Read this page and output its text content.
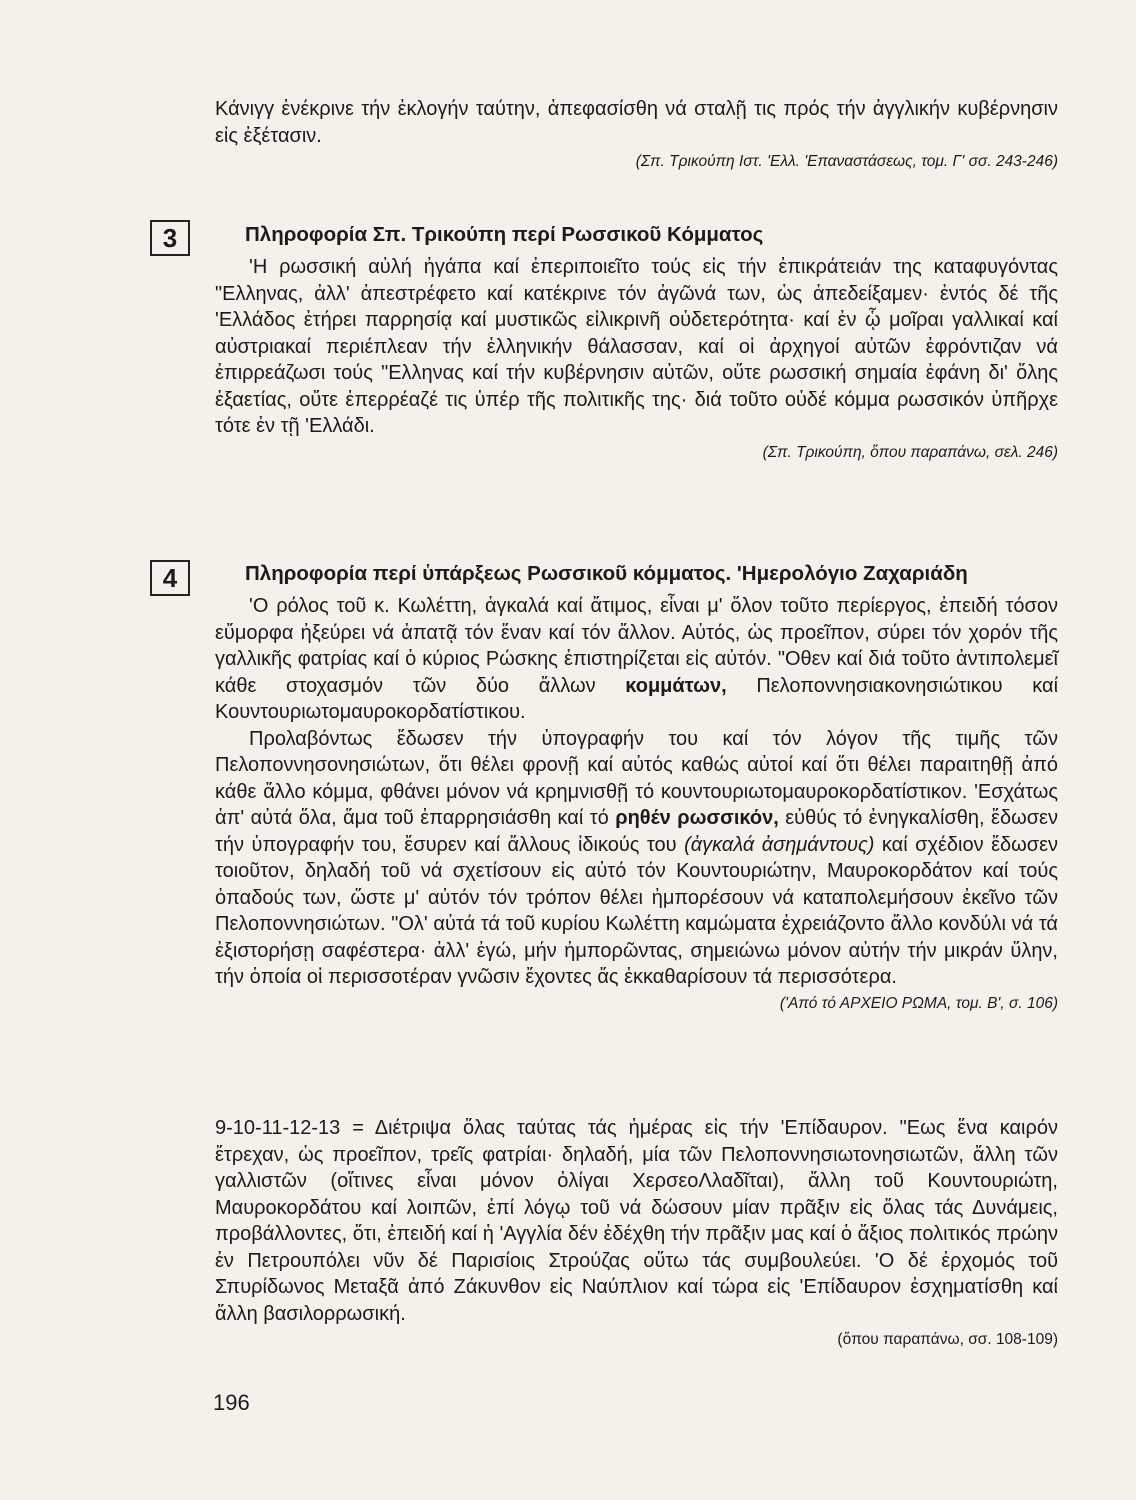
Κάνιγγ ἐνέκρινε τήν ἐκλογήν ταύτην, ἀπεφασίσθη νά σταλῇ τις πρός τήν ἀγγλικήν κυβέρνησιν εἰς ἐξέτασιν.

(Σπ. Τρικούπη Ιστ. 'Ελλ. 'Επαναστάσεως, τομ. Γ' σσ. 243-246)

3	Πληροφορία Σπ. Τρικούπη περί Ρωσσικοῦ Κόμματος

'Η ρωσσική αὐλή ἠγάπα καί ἐπεριποιεῖτο τούς εἰς τήν ἐπικράτειάν της καταφυγόντας "Ελληνας, ἀλλ' ἀπεστρέφετο καί κατέκρινε τόν ἀγῶνά των, ὡς ἀπεδείξαμεν· ἐντός δέ τῆς 'Ελλάδος ἐτήρει παρρησίᾳ καί μυστικῶς εἰλικρινῆ οὐδετερότητα· καί ἐν ᾧ μοῖραι γαλλικαί καί αὐστριακαί περιέπλεαν τήν ἑλληνικήν θάλασσαν, καί οἱ ἀρχηγοί αὐτῶν ἐφρόντιζαν νά ἐπιρρεάζωσι τούς "Ελληνας καί τήν κυβέρνησιν αὐτῶν, οὔτε ρωσσική σημαία ἐφάνη δι' ὅλης ἑξαετίας, οὔτε ἐπερρέαζέ τις ὑπέρ τῆς πολιτικῆς της· διά τοῦτο οὐδέ κόμμα ρωσσικόν ὑπῆρχε τότε ἐν τῇ 'Ελλάδι.

(Σπ. Τρικούπη, ὅπου παραπάνω, σελ. 246)

4	Πληροφορία περί ὑπάρξεως Ρωσσικοῦ κόμματος. 'Ημερολόγιο Ζαχαριάδη

'Ο ρόλος τοῦ κ. Κωλέττη, ἀγκαλά καί ἄτιμος, εἶναι μ' ὅλον τοῦτο περίεργος, ἐπειδή τόσον εὔμορφα ἠξεύρει νά ἀπατᾷ τόν ἕναν καί τόν ἄλλον. Αὐτός, ὡς προεῖπον, σύρει τόν χορόν τῆς γαλλικῆς φατρίας καί ὁ κύριος Ρώσκης ἐπιστηρίζεται εἰς αὐτόν. "Οθεν καί διά τοῦτο ἀντιπολεμεῖ κάθε στοχασμόν τῶν δύο ἄλλων κομμάτων, Πελοποννησιακονησιώτικου καί Κουντουριωτομαυροκορδατίστικου.

Προλαβόντως ἔδωσεν τήν ὑπογραφήν του καί τόν λόγον τῆς τιμῆς τῶν Πελοποννησονησιώτων, ὅτι θέλει φρονῇ καί αὐτός καθώς αὐτοί καί ὅτι θέλει παραιτηθῇ ἀπό κάθε ἄλλο κόμμα, φθάνει μόνον νά κρημνισθῇ τό κουντουριωτομαυροκορδατίστικον. 'Εσχάτως ἀπ' αὐτά ὅλα, ἅμα τοῦ ἐπαρρησιάσθη καί τό ρηθέν ρωσσικόν, εὐθύς τό ἐνηγκαλίσθη, ἔδωσεν τήν ὑπογραφήν του, ἔσυρεν καί ἄλλους ἰδικούς του (ἀγκαλά ἀσημάντους) καί σχέδιον ἔδωσεν τοιοῦτον, δηλαδή τοῦ νά σχετίσουν εἰς αὐτό τόν Κουντουριώτην, Μαυροκορδάτον καί τούς ὀπαδούς των, ὥστε μ' αὐτόν τόν τρόπον θέλει ἠμπορέσουν νά καταπολεμήσουν ἐκεῖνο τῶν Πελοποννησιώτων. "Ολ' αὐτά τά τοῦ κυρίου Κωλέττη καμώματα ἐχρειάζοντο ἄλλο κονδύλι νά τά ἐξιστορήσῃ σαφέστερα· ἀλλ' ἐγώ, μήν ἠμπορῶντας, σημειώνω μόνον αὐτήν τήν μικράν ὕλην, τήν ὁποία οἱ περισσοτέραν γνῶσιν ἔχοντες ἄς ἐκκαθαρίσουν τά περισσότερα.

('Από τό ΑΡΧΕΙΟ ΡΩΜΑ, τομ. Β', σ. 106)

9-10-11-12-13 = Διέτριψα ὅλας ταύτας τάς ἡμέρας εἰς τήν 'Επίδαυρον. "Εως ἕνα καιρόν ἔτρεχαν, ὡς προεῖπον, τρεῖς φατρίαι· δηλαδή, μία τῶν Πελοποννησιωτονησιωτῶν, ἄλλη τῶν γαλλιστῶν (οἵτινες εἶναι μόνον ὀλίγαι ΧερσεοΛλαδῖται), ἄλλη τοῦ Κουντουριώτη, Μαυροκορδάτου καί λοιπῶν, ἐπί λόγῳ τοῦ νά δώσουν μίαν πρᾶξιν εἰς ὅλας τάς Δυνάμεις, προβάλλοντες, ὅτι, ἐπειδή καί ἡ 'Αγγλία δέν ἐδέχθη τήν πρᾶξιν μας καί ὁ ἄξιος πολιτικός πρώην ἐν Πετρουπόλει νῦν δέ Παρισίοις Στρούζας οὕτω τάς συμβουλεύει. 'Ο δέ ἐρχομός τοῦ Σπυρίδωνος Μεταξᾶ ἀπό Ζάκυνθον εἰς Ναύπλιον καί τώρα εἰς 'Επίδαυρον ἐσχηματίσθη καί ἄλλη βασιλορρωσική.

(ὅπου παραπάνω, σσ. 108-109)

196
